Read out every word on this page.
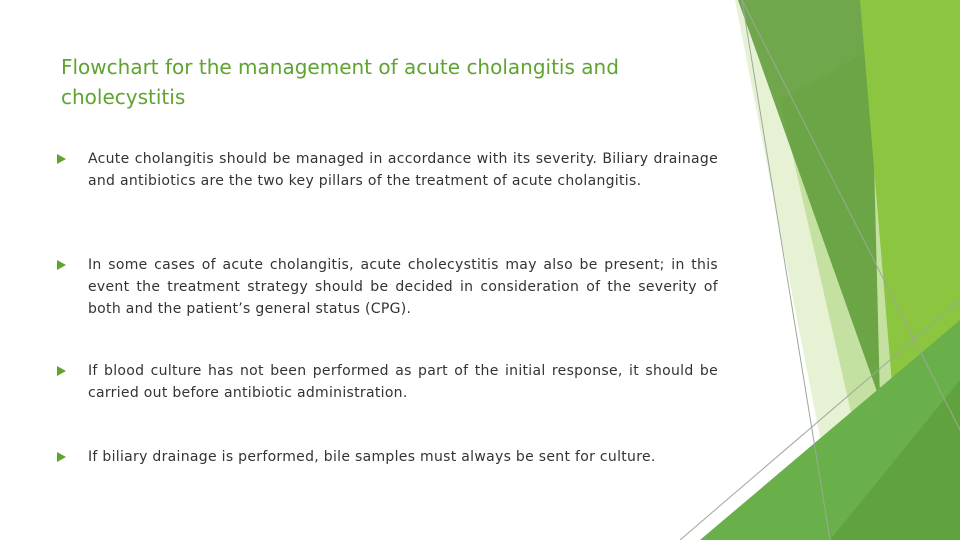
Flowchart for the management of acute cholangitis and cholecystitis
Acute cholangitis should be managed in accordance with its severity. Biliary drainage and antibiotics are the two key pillars of the treatment of acute cholangitis.
In some cases of acute cholangitis, acute cholecystitis may also be present; in this event the treatment strategy should be decided in consideration of the severity of both and the patient’s general status (CPG).
If blood culture has not been performed as part of the initial response, it should be carried out before antibiotic administration.
If biliary drainage is performed, bile samples must always be sent for culture.
